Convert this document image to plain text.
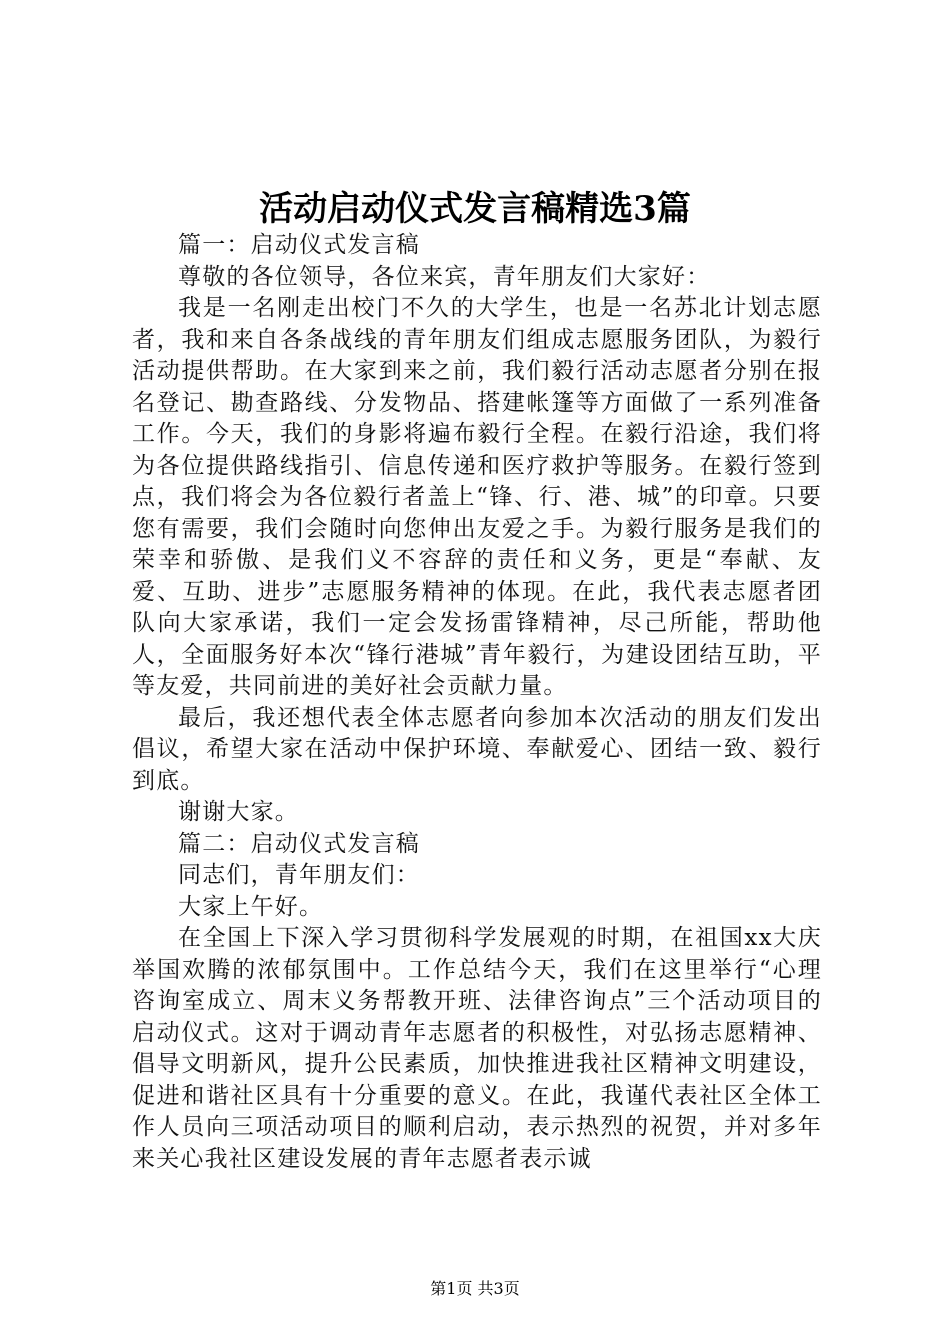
活动启动仪式发言稿精选3篇

篇一：启动仪式发言稿

尊敬的各位领导，各位来宾，青年朋友们大家好：

我是一名刚走出校门不久的大学生，也是一名苏北计划志愿者，我和来自各条战线的青年朋友们组成志愿服务团队，为毅行活动提供帮助。在大家到来之前，我们毅行活动志愿者分别在报名登记、勘查路线、分发物品、搭建帐篷等方面做了一系列准备工作。今天，我们的身影将遍布毅行全程。在毅行沿途，我们将为各位提供路线指引、信息传递和医疗救护等服务。在毅行签到点，我们将会为各位毅行者盖上“锋、行、港、城”的印章。只要您有需要，我们会随时向您伸出友爱之手。为毅行服务是我们的荣幸和骄傲、是我们义不容辞的责任和义务，更是“奉献、友爱、互助、进步”志愿服务精神的体现。在此，我代表志愿者团队向大家承诺，我们一定会发扬雷锋精神，尽己所能，帮助他人，全面服务好本次“锋行港城”青年毅行，为建设团结互助，平等友爱，共同前进的美好社会贡献力量。

最后，我还想代表全体志愿者向参加本次活动的朋友们发出倡议，希望大家在活动中保护环境、奉献爱心、团结一致、毅行到底。

谢谢大家。

篇二：启动仪式发言稿

同志们，青年朋友们：

大家上午好。

在全国上下深入学习贯彻科学发展观的时期，在祖国xx大庆举国欢腾的浓郁氛围中。工作总结今天，我们在这里举行“心理咨询室成立、周末义务帮教开班、法律咨询点”三个活动项目的启动仪式。这对于调动青年志愿者的积极性，对弘扬志愿精神、倡导文明新风，提升公民素质，加快推进我社区精神文明建设，促进和谐社区具有十分重要的意义。在此，我谨代表社区全体工作人员向三项活动项目的顺利启动，表示热烈的祝贺，并对多年来关心我社区建设发展的青年志愿者表示诚

第1页 共3页
